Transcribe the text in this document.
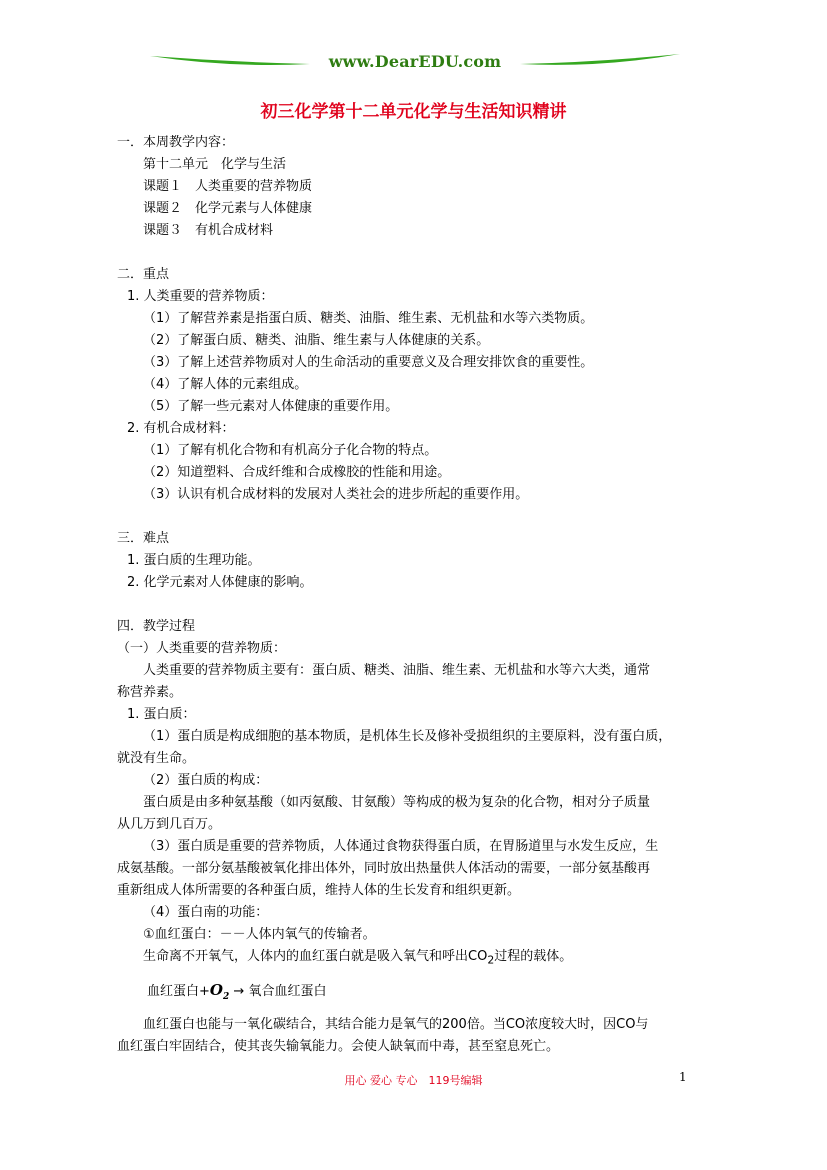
www.DearEDU.com
初三化学第十二单元化学与生活知识精讲
一．本周教学内容：
第十二单元　化学与生活
课题１　人类重要的营养物质
课题２　化学元素与人体健康
课题３　有机合成材料
二．重点
1. 人类重要的营养物质：
（1）了解营养素是指蛋白质、糖类、油脂、维生素、无机盐和水等六类物质。
（2）了解蛋白质、糖类、油脂、维生素与人体健康的关系。
（3）了解上述营养物质对人的生命活动的重要意义及合理安排饮食的重要性。
（4）了解人体的元素组成。
（5）了解一些元素对人体健康的重要作用。
2. 有机合成材料：
（1）了解有机化合物和有机高分子化合物的特点。
（2）知道塑料、合成纤维和合成橡胶的性能和用途。
（3）认识有机合成材料的发展对人类社会的进步所起的重要作用。
三．难点
1. 蛋白质的生理功能。
2. 化学元素对人体健康的影响。
四．教学过程
（一）人类重要的营养物质：
人类重要的营养物质主要有：蛋白质、糖类、油脂、维生素、无机盐和水等六大类，通常
称营养素。
1. 蛋白质：
（1）蛋白质是构成细胞的基本物质，是机体生长及修补受损组织的主要原料，没有蛋白质，
就没有生命。
（2）蛋白质的构成：
蛋白质是由多种氨基酸（如丙氨酸、甘氨酸）等构成的极为复杂的化合物，相对分子质量
从几万到几百万。
（3）蛋白质是重要的营养物质，人体通过食物获得蛋白质，在胃肠道里与水发生反应，生
成氨基酸。一部分氨基酸被氧化排出体外，同时放出热量供人体活动的需要，一部分氨基酸再
重新组成人体所需要的各种蛋白质，维持人体的生长发育和组织更新。
（4）蛋白南的功能：
①血红蛋白：－－人体内氧气的传输者。
生命离不开氧气，人体内的血红蛋白就是吸入氧气和呼出$CO_2$过程的载体。
血红蛋白$+O_2$ → 氧合血红蛋白
血红蛋白也能与一氧化碳结合，其结合能力是氧气的200倍。当CO浓度较大时，因CO与
血红蛋白牢固结合，使其丧失输氧能力。会使人缺氧而中毒，甚至窒息死亡。
用心 爱心 专心　119号编辑	1
